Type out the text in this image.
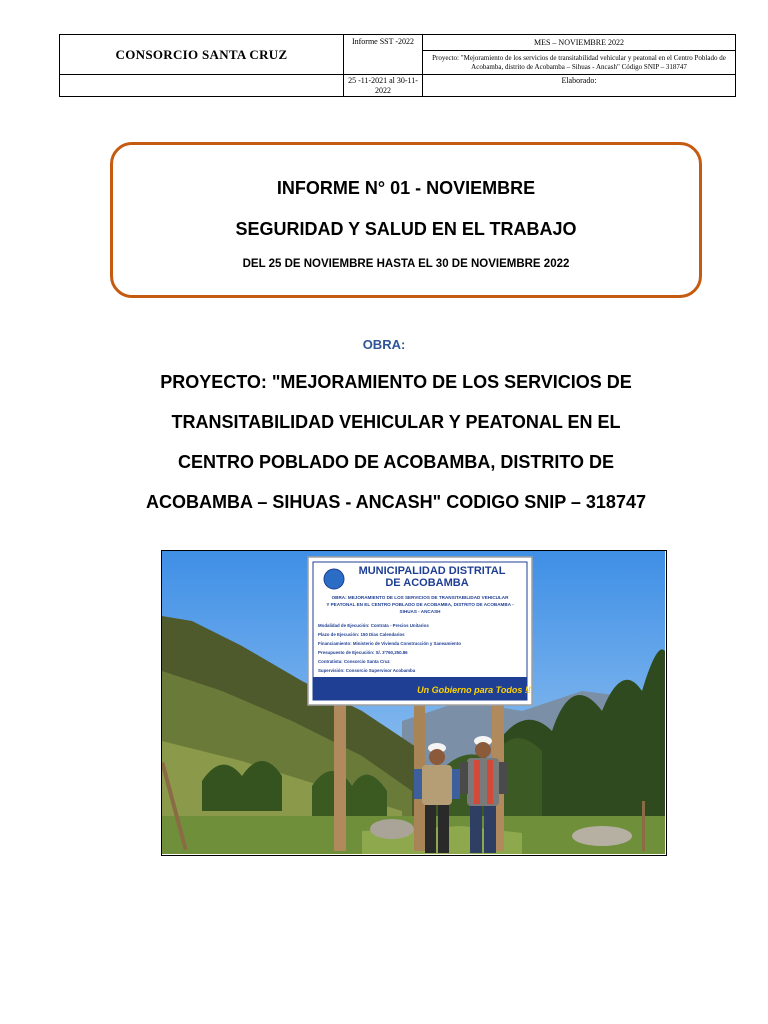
CONSORCIO SANTA CRUZ	Informe SST -2022	MES – NOVIEMBRE 2022
		Proyecto: "Mejoramiento de los servicios de transitabilidad vehicular y peatonal en el Centro Poblado de Acobamba, distrito de Acobamba – Sihuas - Ancash" Código SNIP – 318747
	25 -11-2021 al 30-11-2022	Elaborado:
INFORME N° 01 - NOVIEMBRE
SEGURIDAD Y SALUD EN EL TRABAJO
DEL 25 DE NOVIEMBRE HASTA EL 30 DE NOVIEMBRE 2022
OBRA:
PROYECTO: "MEJORAMIENTO DE LOS SERVICIOS DE
TRANSITABILIDAD VEHICULAR Y PEATONAL EN EL
CENTRO POBLADO DE ACOBAMBA, DISTRITO DE
ACOBAMBA – SIHUAS - ANCASH" CODIGO SNIP – 318747
MUNICIPALIDAD DISTRITAL
DE ACOBAMBA
OBRA: MEJORAMIENTO DE LOS SERVICIOS DE TRANSITABILIDAD VEHICULAR
Y PEATONAL EN EL CENTRO POBLADO DE ACOBAMBA, DISTRITO DE ACOBAMBA -
SIHUAS - ANCASH
Modalidad de Ejecución: Contrata - Precios Unitarios
Plazo de Ejecución: 150 Días Calendarios
Financiamiento: Ministerio de Vivienda Construcción y Saneamiento
Presupuesto de Ejecución: S/. 3'760,250.86
Contratista: Consorcio Santa Cruz
Supervisión: Consorcio Supervisor Acobamba
Un Gobierno para Todos !!
